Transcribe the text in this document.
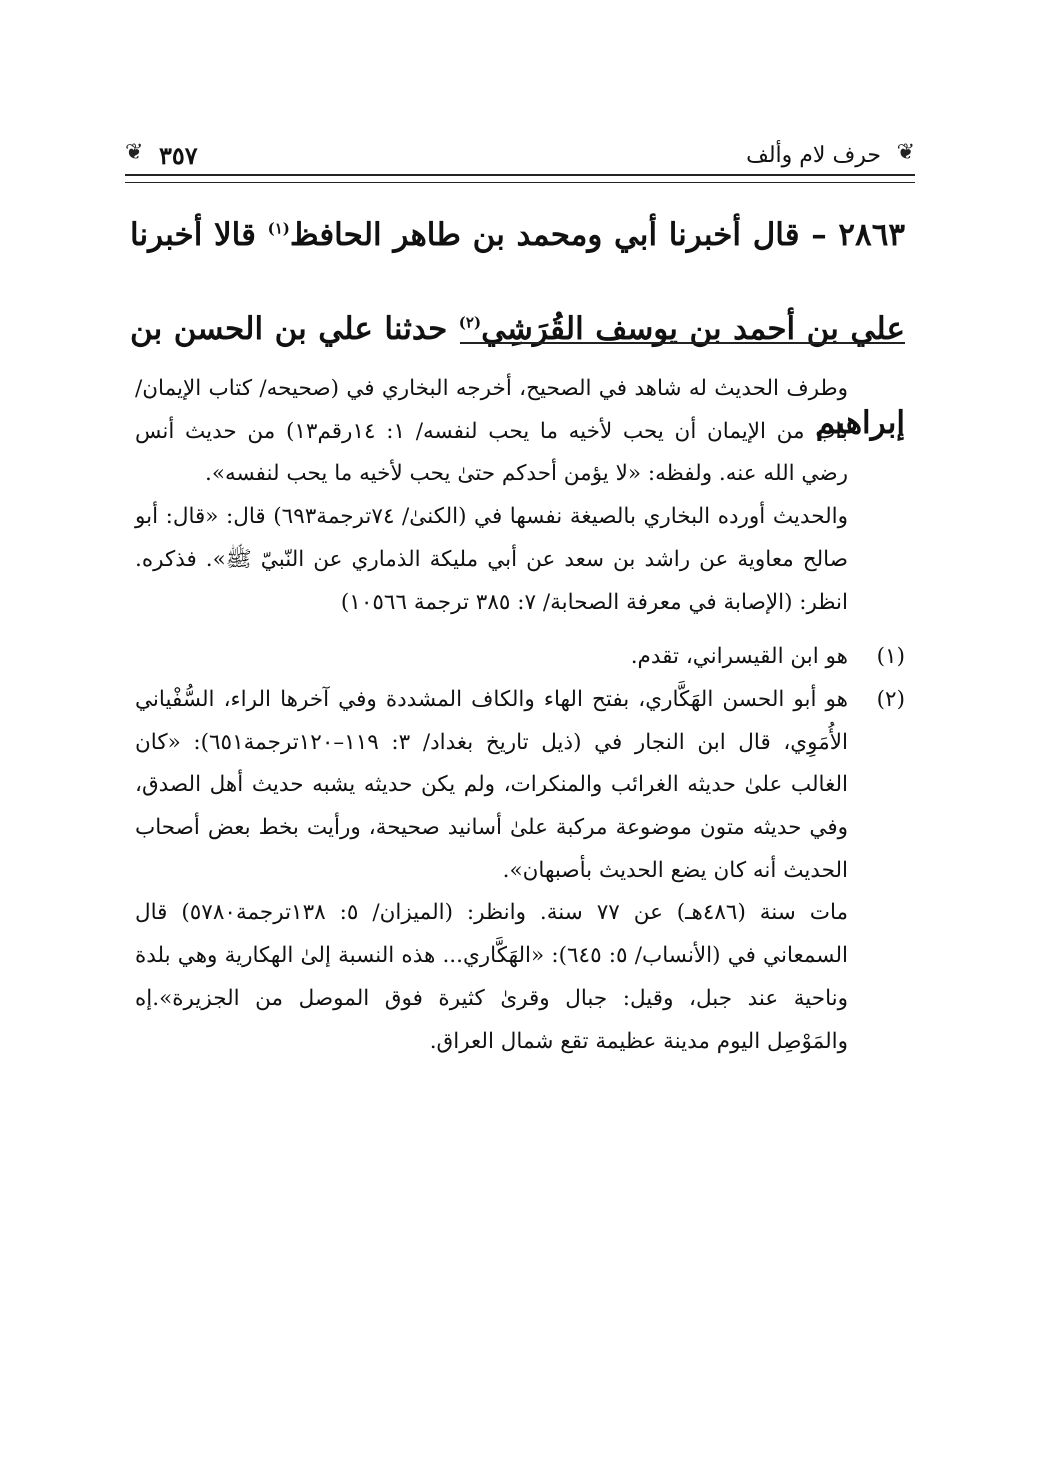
❦ ٣٥٧	حرف لام وألف ❦

٢٨٦٣ – قال أخبرنا أبي ومحمد بن طاهر الحافظ$^{(١)}$ قالا أخبرنا

علي بن أحمد بن يوسف القُرَشِي$^{(٢)}$ حدثنا علي بن الحسن بن إبراهيم

وطرف الحديث له شاهد في الصحيح، أخرجه البخاري في (صحيحه/ كتاب الإيمان/ باب من الإيمان أن يحب لأخيه ما يحب لنفسه/ ١: ١٤رقم١٣) من حديث أنس رضي الله عنه. ولفظه: «لا يؤمن أحدكم حتىٰ يحب لأخيه ما يحب لنفسه».

والحديث أورده البخاري بالصيغة نفسها في (الكنىٰ/ ٧٤ترجمة٦٩٣) قال: «قال: أبو صالح معاوية عن راشد بن سعد عن أبي مليكة الذماري عن النّبيّ ﷺ». فذكره. انظر: (الإصابة في معرفة الصحابة/ ٧: ٣٨٥ ترجمة ١٠٥٦٦)

(١)

هو ابن القيسراني، تقدم.

(٢)

هو أبو الحسن الهَكَّاري، بفتح الهاء والكاف المشددة وفي آخرها الراء، السُّفْياني الأُمَوِي، قال ابن النجار في (ذيل تاريخ بغداد/ ٣: ١١٩–١٢٠ترجمة٦٥١): «كان الغالب علىٰ حديثه الغرائب والمنكرات، ولم يكن حديثه يشبه حديث أهل الصدق، وفي حديثه متون موضوعة مركبة علىٰ أسانيد صحيحة، ورأيت بخط بعض أصحاب الحديث أنه كان يضع الحديث بأصبهان».

مات سنة (٤٨٦هـ) عن ٧٧ سنة. وانظر: (الميزان/ ٥: ١٣٨ترجمة٥٧٨٠) قال السمعاني في (الأنساب/ ٥: ٦٤٥): «الهَكَّاري... هذه النسبة إلىٰ الهكارية وهي بلدة وناحية عند جبل، وقيل: جبال وقرىٰ كثيرة فوق الموصل من الجزيرة».إه والمَوْصِل اليوم مدينة عظيمة تقع شمال العراق.
